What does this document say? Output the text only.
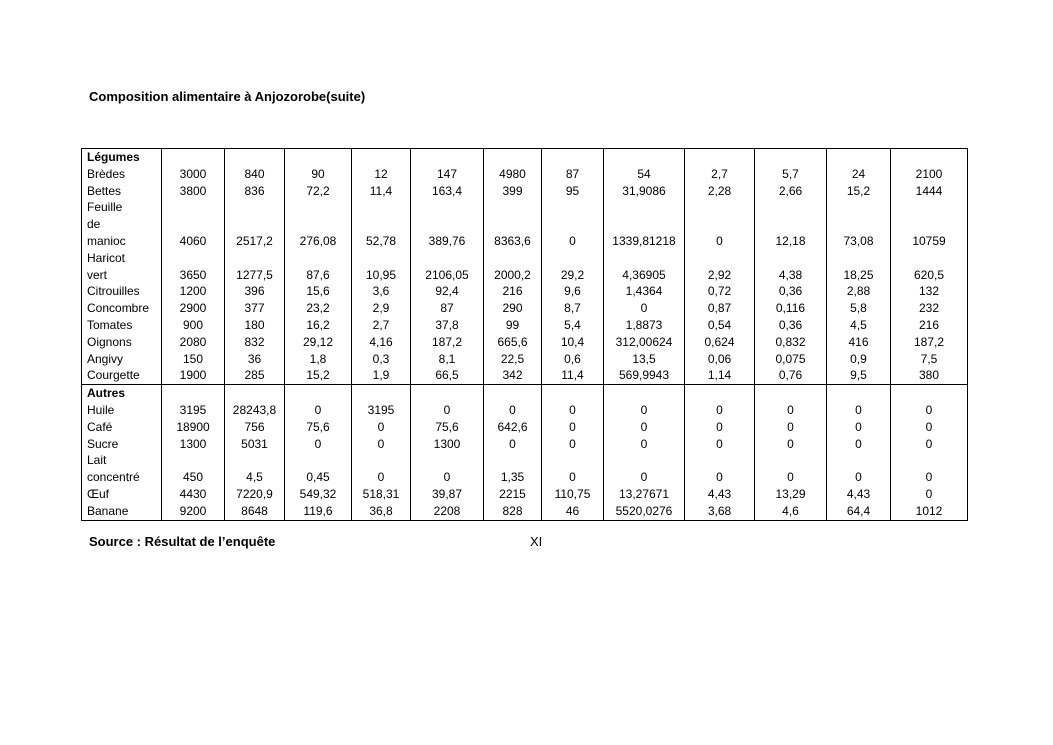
Composition alimentaire à Anjozorobe(suite)
Légumes												
Brèdes	3000	840	90	12	147	4980	87	54	2,7	5,7	24	2100
Bettes	3800	836	72,2	11,4	163,4	399	95	31,9086	2,28	2,66	15,2	1444
Feuille de manioc	4060	2517,2	276,08	52,78	389,76	8363,6	0	1339,81218	0	12,18	73,08	10759
Haricot vert	3650	1277,5	87,6	10,95	2106,05	2000,2	29,2	4,36905	2,92	4,38	18,25	620,5
Citrouilles	1200	396	15,6	3,6	92,4	216	9,6	1,4364	0,72	0,36	2,88	132
Concombre	2900	377	23,2	2,9	87	290	8,7	0	0,87	0,116	5,8	232
Tomates	900	180	16,2	2,7	37,8	99	5,4	1,8873	0,54	0,36	4,5	216
Oignons	2080	832	29,12	4,16	187,2	665,6	10,4	312,00624	0,624	0,832	416	187,2
Angivy	150	36	1,8	0,3	8,1	22,5	0,6	13,5	0,06	0,075	0,9	7,5
Courgette	1900	285	15,2	1,9	66,5	342	11,4	569,9943	1,14	0,76	9,5	380
Autres												
Huile	3195	28243,8	0	3195	0	0	0	0	0	0	0	0
Café	18900	756	75,6	0	75,6	642,6	0	0	0	0	0	0
Sucre	1300	5031	0	0	1300	0	0	0	0	0	0	0
Lait concentré	450	4,5	0,45	0	0	1,35	0	0	0	0	0	0
Œuf	4430	7220,9	549,32	518,31	39,87	2215	110,75	13,27671	4,43	13,29	4,43	0
Banane	9200	8648	119,6	36,8	2208	828	46	5520,0276	3,68	4,6	64,4	1012
Source : Résultat de l’enquête	XI
